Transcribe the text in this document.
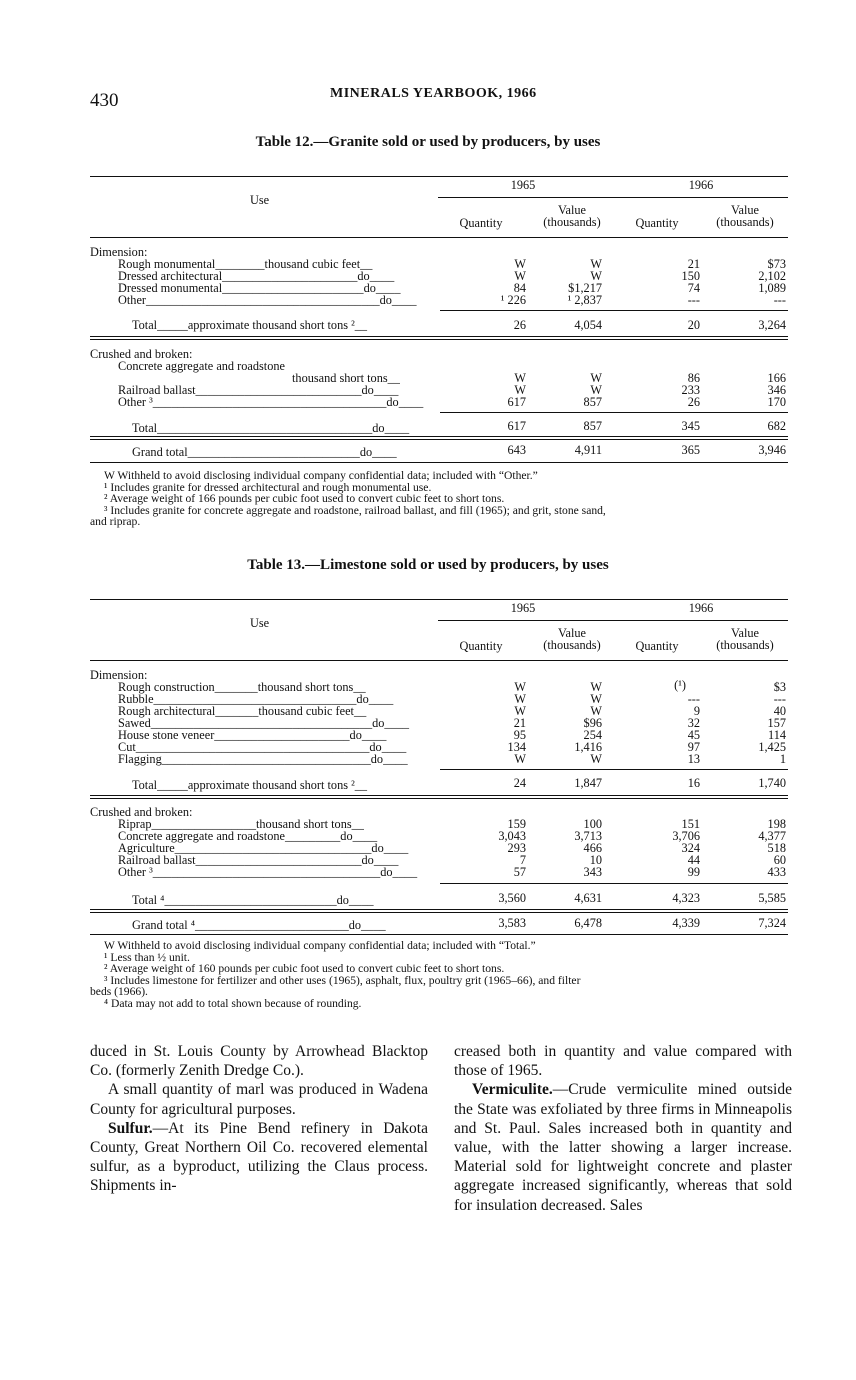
430	MINERALS YEARBOOK, 1966
Table 12.—Granite sold or used by producers, by uses
Use
1965	1966
Quantity
Value
(thousands)	Quantity
Value
(thousands)
Dimension:
Rough monumental________thousand cubic feet__	W	W	21	$73
Dressed architectural______________________do____	W	W	150	2,102
Dressed monumental_______________________do____	84	$1,217	74	1,089
Other______________________________________do____	¹ 226	¹ 2,837	---	---
Total_____approximate thousand short tons ²__	26	4,054	20	3,264
Crushed and broken:
Concrete aggregate and roadstone
thousand short tons__	W	W	86	166
Railroad ballast___________________________do____	W	W	233	346
Other ³______________________________________do____	617	857	26	170
Total___________________________________do____	617	857	345	682
Grand total____________________________do____	643	4,911	365	3,946
W Withheld to avoid disclosing individual company confidential data; included with “Other.”
¹ Includes granite for dressed architectural and rough monumental use.
² Average weight of 166 pounds per cubic foot used to convert cubic feet to short tons.
³ Includes granite for concrete aggregate and roadstone, railroad ballast, and fill (1965); and grit, stone sand,
and riprap.
Table 13.—Limestone sold or used by producers, by uses
Use
1965	1966
Quantity
Value
(thousands)	Quantity
Value
(thousands)
Dimension:
Rough construction_______thousand short tons__	W	W	(¹)	$3
Rubble_________________________________do____	W	W	---	---
Rough architectural_______thousand cubic feet__	W	W	9	40
Sawed____________________________________do____	21	$96	32	157
House stone veneer______________________do____	95	254	45	114
Cut______________________________________do____	134	1,416	97	1,425
Flagging__________________________________do____	W	W	13	1
Total_____approximate thousand short tons ²__	24	1,847	16	1,740
Crushed and broken:
Riprap_________________thousand short tons__	159	100	151	198
Concrete aggregate and roadstone_________do____	3,043	3,713	3,706	4,377
Agriculture________________________________do____	293	466	324	518
Railroad ballast___________________________do____	7	10	44	60
Other ³_____________________________________do____	57	343	99	433
Total ⁴____________________________do____	3,560	4,631	4,323	5,585
Grand total ⁴_________________________do____	3,583	6,478	4,339	7,324
W Withheld to avoid disclosing individual company confidential data; included with “Total.”
¹ Less than ½ unit.
² Average weight of 160 pounds per cubic foot used to convert cubic feet to short tons.
³ Includes limestone for fertilizer and other uses (1965), asphalt, flux, poultry grit (1965–66), and filter
beds (1966).
⁴ Data may not add to total shown because of rounding.

duced in St. Louis County by Arrowhead Blacktop Co. (formerly Zenith Dredge Co.).

A small quantity of marl was produced in Wadena County for agricultural purposes.

Sulfur.—At its Pine Bend refinery in Dakota County, Great Northern Oil Co. recovered elemental sulfur, as a byproduct, utilizing the Claus process. Shipments in-

creased both in quantity and value compared with those of 1965.

Vermiculite.—Crude vermiculite mined outside the State was exfoliated by three firms in Minneapolis and St. Paul. Sales increased both in quantity and value, with the latter showing a larger increase. Material sold for lightweight concrete and plaster aggregate increased significantly, whereas that sold for insulation decreased. Sales
